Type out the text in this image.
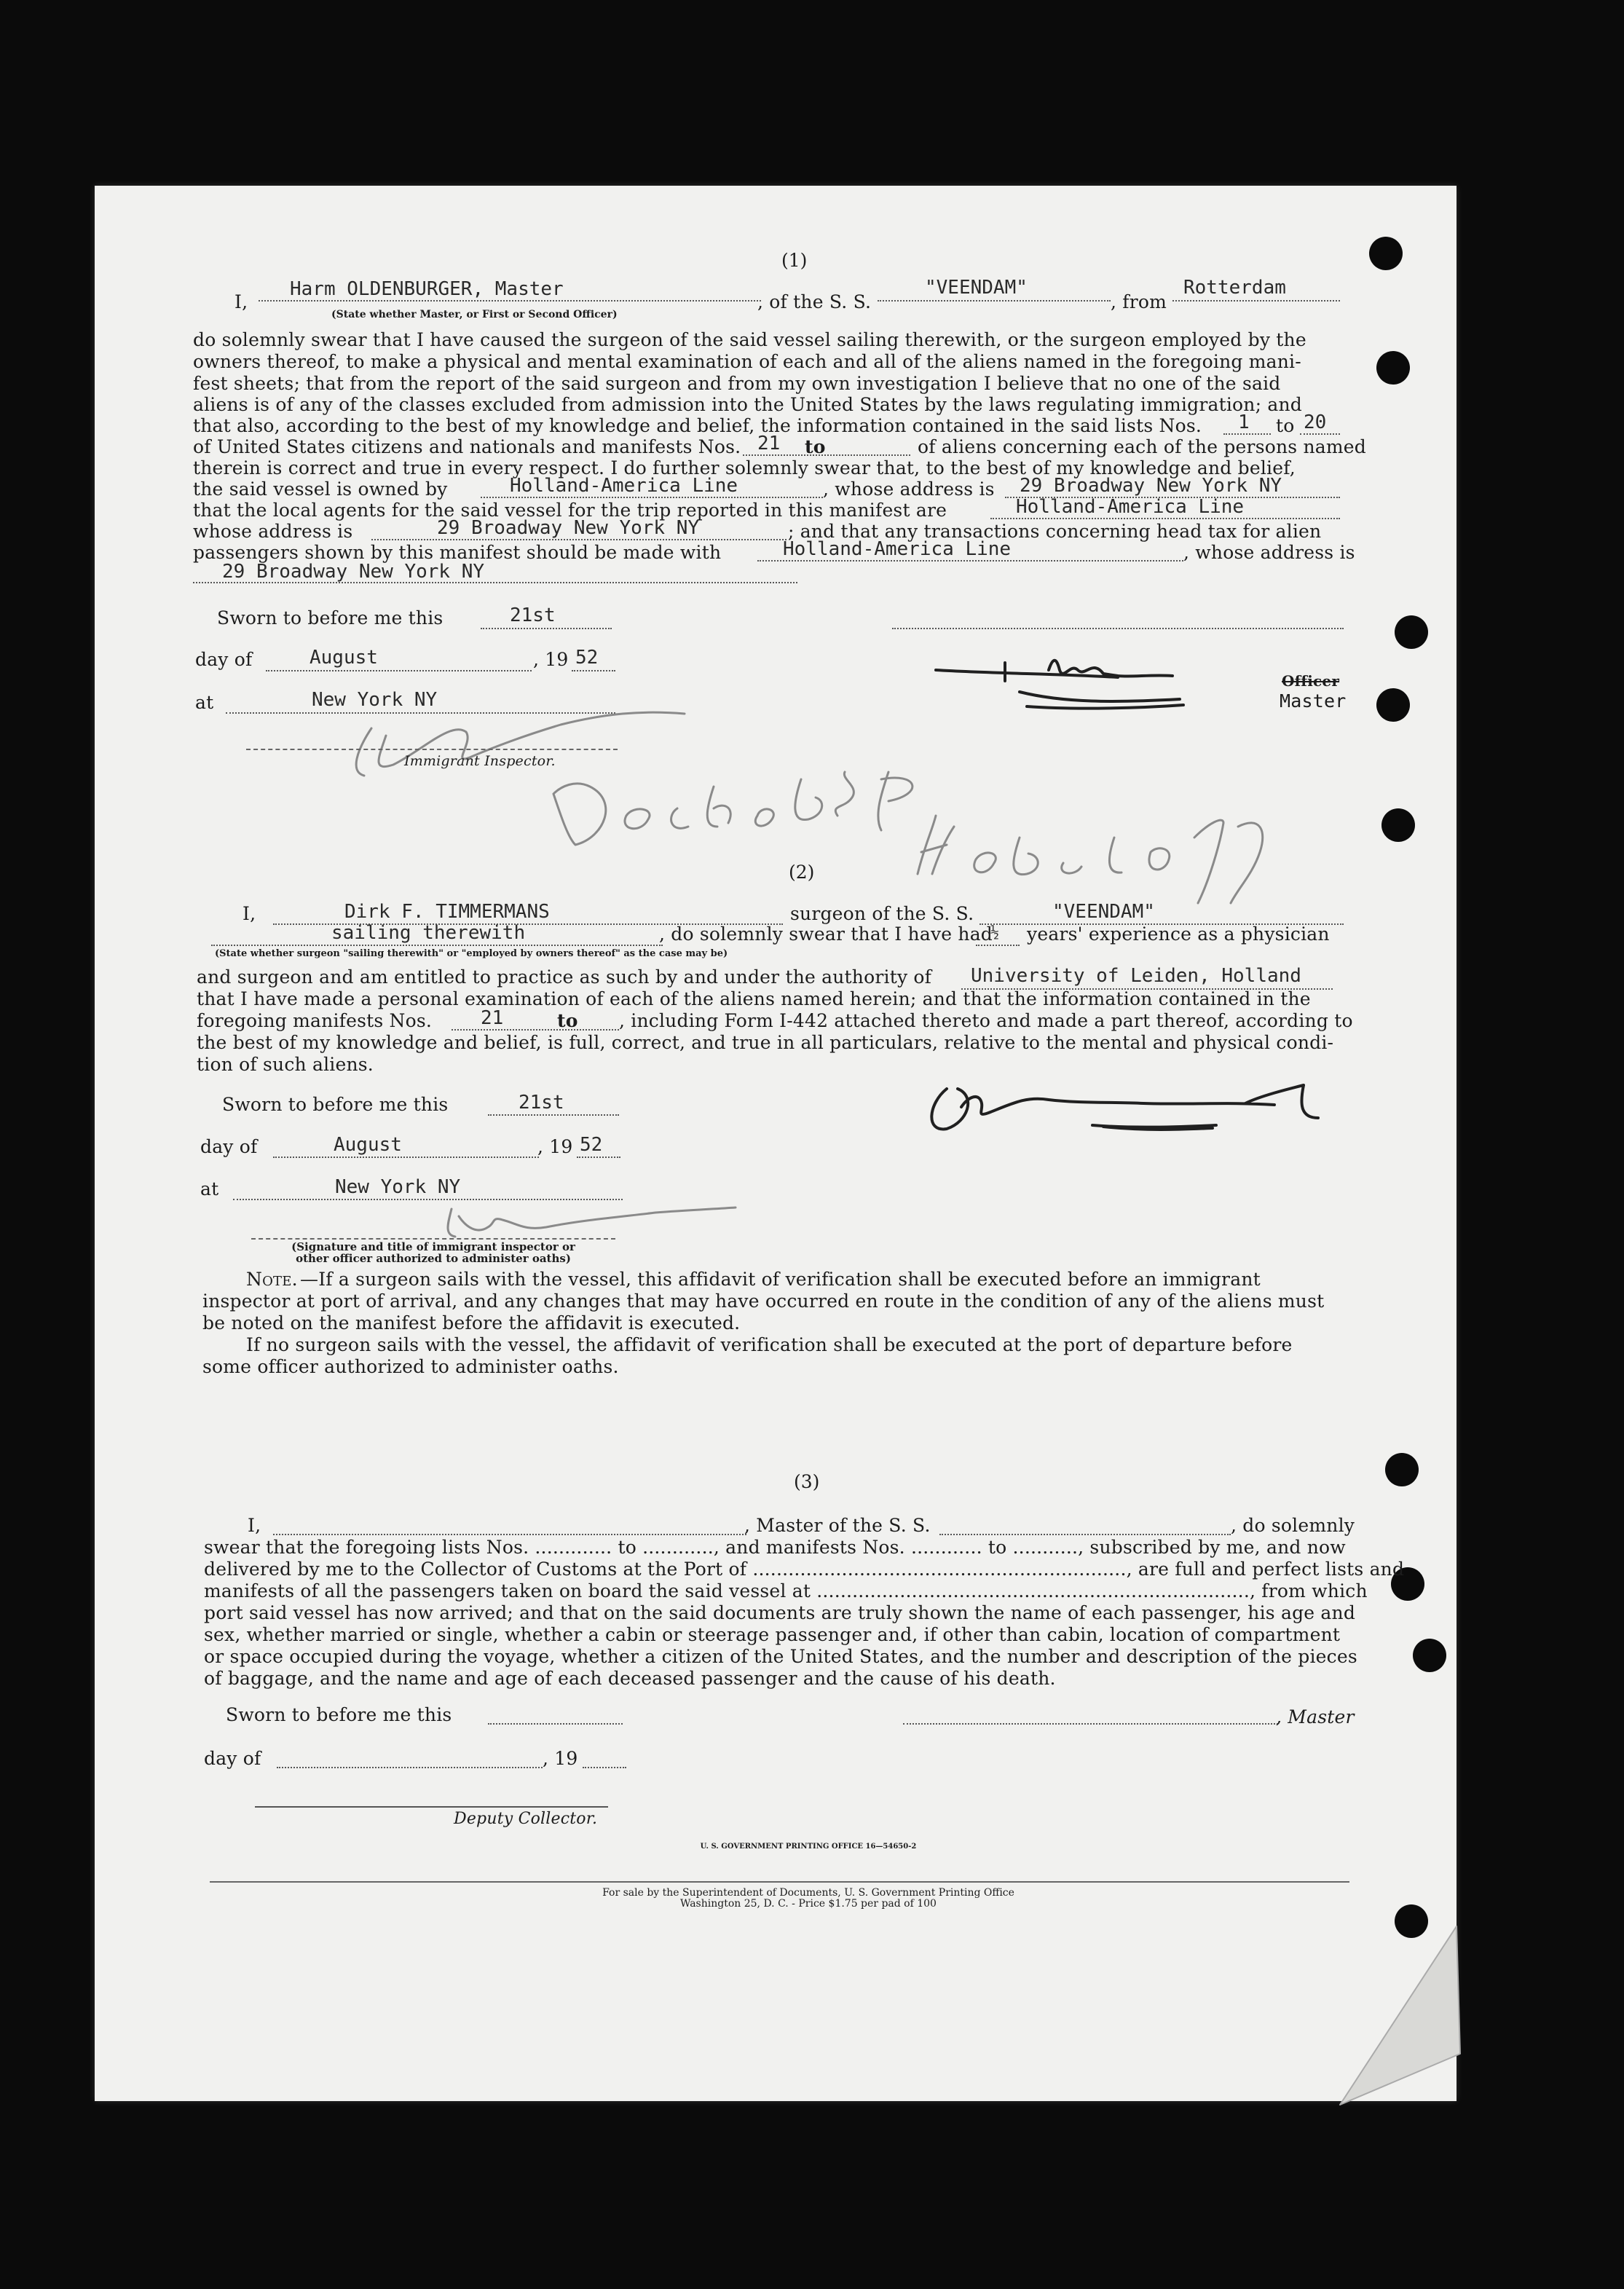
(1)
I,
Harm OLDENBURGER, Master
(State whether Master, or First or Second Officer)
, of the S. S.
"VEENDAM"
, from
Rotterdam
do solemnly swear that I have caused the surgeon of the said vessel sailing therewith, or the surgeon employed by the
owners thereof, to make a physical and mental examination of each and all of the aliens named in the foregoing mani-
fest sheets; that from the report of the said surgeon and from my own investigation I believe that no one of the said
aliens is of any of the classes excluded from admission into the United States by the laws regulating immigration; and
that also, according to the best of my knowledge and belief, the information contained in the said lists Nos. 1 to 20
of United States citizens and nationals and manifests Nos. 21 to	of aliens concerning each of the persons named
therein is correct and true in every respect. I do further solemnly swear that, to the best of my knowledge and belief,
the said vessel is owned by	Holland-America Line	, whose address is 29 Broadway New York NY
that the local agents for the said vessel for the trip reported in this manifest are	Holland-America Line
whose address is	29 Broadway New York NY	; and that any transactions concerning head tax for alien
passengers shown by this manifest should be made with	Holland-America Line	, whose address is
29 Broadway New York NY
Sworn to before me this	21st
day of	August	, 19 52
at	New York NY
Immigrant Inspector.
Officer
Master
(2)
I,	Dirk F. TIMMERMANS	surgeon of the S. S.	"VEENDAM"
sailing therewith	, do solemnly swear that I have had
½ years' experience as a physician
(State whether surgeon "sailing therewith" or "employed by owners thereof" as the case may be)
and surgeon and am entitled to practice as such by and under the authority of University of Leiden, Holland
that I have made a personal examination of each of the aliens named herein; and that the information contained in the
foregoing manifests Nos.	21	to , including Form I-442 attached thereto and made a part thereof, according to
the best of my knowledge and belief, is full, correct, and true in all particulars, relative to the mental and physical condi-
tion of such aliens.
Sworn to before me this	21st
day of	August	, 19 52
at	New York NY
(Signature and title of immigrant inspector or
other officer authorized to administer oaths)
Note. —If a surgeon sails with the vessel, this affidavit of verification shall be executed before an immigrant
inspector at port of arrival, and any changes that may have occurred en route in the condition of any of the aliens must
be noted on the manifest before the affidavit is executed.
If no surgeon sails with the vessel, the affidavit of verification shall be executed at the port of departure before
some officer authorized to administer oaths.
(3)
I,	, Master of the S. S.	, do solemnly
swear that the foregoing lists Nos. ............. to ............, and manifests Nos. ............ to ..........., subscribed by me, and now
delivered by me to the Collector of Customs at the Port of ..............................................................., are full and perfect lists and
manifests of all the passengers taken on board the said vessel at ........................................................................., from which
port said vessel has now arrived; and that on the said documents are truly shown the name of each passenger, his age and
sex, whether married or single, whether a cabin or steerage passenger and, if other than cabin, location of compartment
or space occupied during the voyage, whether a citizen of the United States, and the number and description of the pieces
of baggage, and the name and age of each deceased passenger and the cause of his death.
Sworn to before me this	, Master
day of	, 19
Deputy Collector.
U. S. GOVERNMENT PRINTING OFFICE 16—54650-2
For sale by the Superintendent of Documents, U. S. Government Printing Office
Washington 25, D. C. - Price $1.75 per pad of 100
